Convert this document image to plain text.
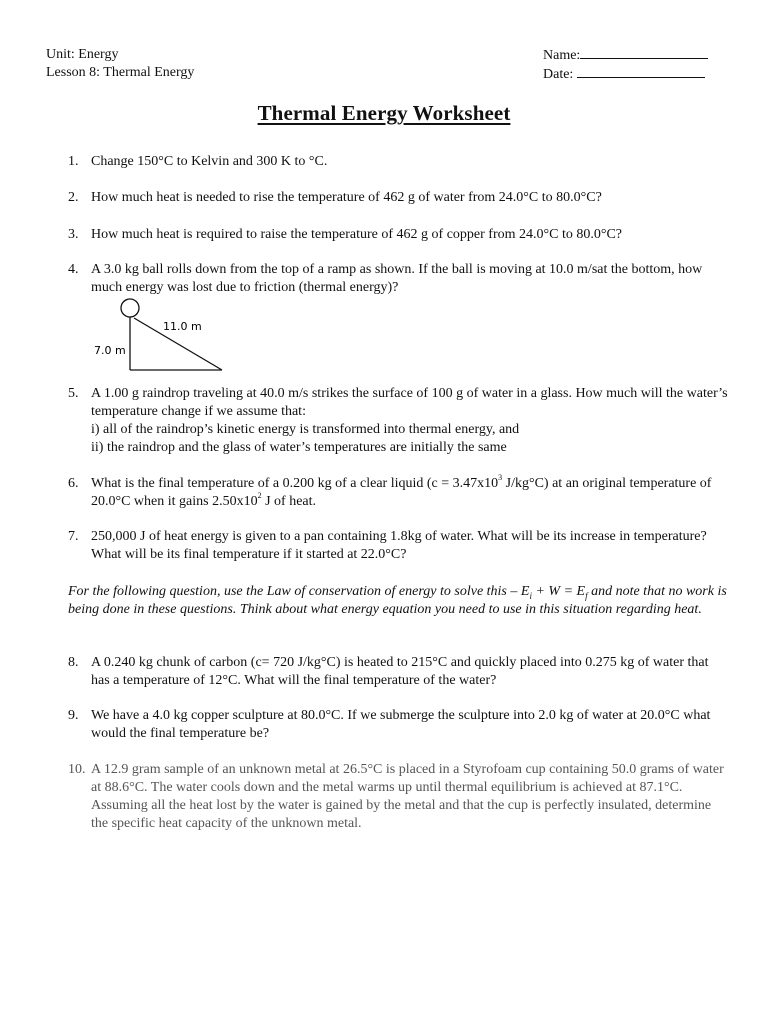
Unit: Energy
Lesson 8: Thermal Energy
Name:
Date:
Thermal Energy Worksheet
1. Change 150°C to Kelvin and 300 K to °C.
2. How much heat is needed to rise the temperature of 462 g of water from 24.0°C to 80.0°C?
3. How much heat is required to raise the temperature of 462 g of copper from 24.0°C to 80.0°C?
4. A 3.0 kg ball rolls down from the top of a ramp as shown. If the ball is moving at 10.0 m/sat the bottom, how much energy was lost due to friction (thermal energy)?
11.0 m
7.0 m
5. A 1.00 g raindrop traveling at 40.0 m/s strikes the surface of 100 g of water in a glass. How much will the water’s temperature change if we assume that:
i) all of the raindrop’s kinetic energy is transformed into thermal energy, and
ii) the raindrop and the glass of water’s temperatures are initially the same
6. What is the final temperature of a 0.200 kg of a clear liquid ($c = 3.47x10^3$ J/kg°C) at an original temperature of 20.0°C when it gains $2.50x10^2$ J of heat.
7. 250,000 J of heat energy is given to a pan containing 1.8kg of water. What will be its increase in temperature? What will be its final temperature if it started at 22.0°C?
For the following question, use the Law of conservation of energy to solve this – $E_i + W = E_f$ and note that no work is being done in these questions. Think about what energy equation you need to use in this situation regarding heat.
8. A 0.240 kg chunk of carbon (c= 720 J/kg°C) is heated to 215°C and quickly placed into 0.275 kg of water that has a temperature of 12°C. What will the final temperature of the water?
9. We have a 4.0 kg copper sculpture at 80.0°C. If we submerge the sculpture into 2.0 kg of water at 20.0°C what would the final temperature be?
10. A 12.9 gram sample of an unknown metal at 26.5°C is placed in a Styrofoam cup containing 50.0 grams of water at 88.6°C. The water cools down and the metal warms up until thermal equilibrium is achieved at 87.1°C. Assuming all the heat lost by the water is gained by the metal and that the cup is perfectly insulated, determine the specific heat capacity of the unknown metal.
